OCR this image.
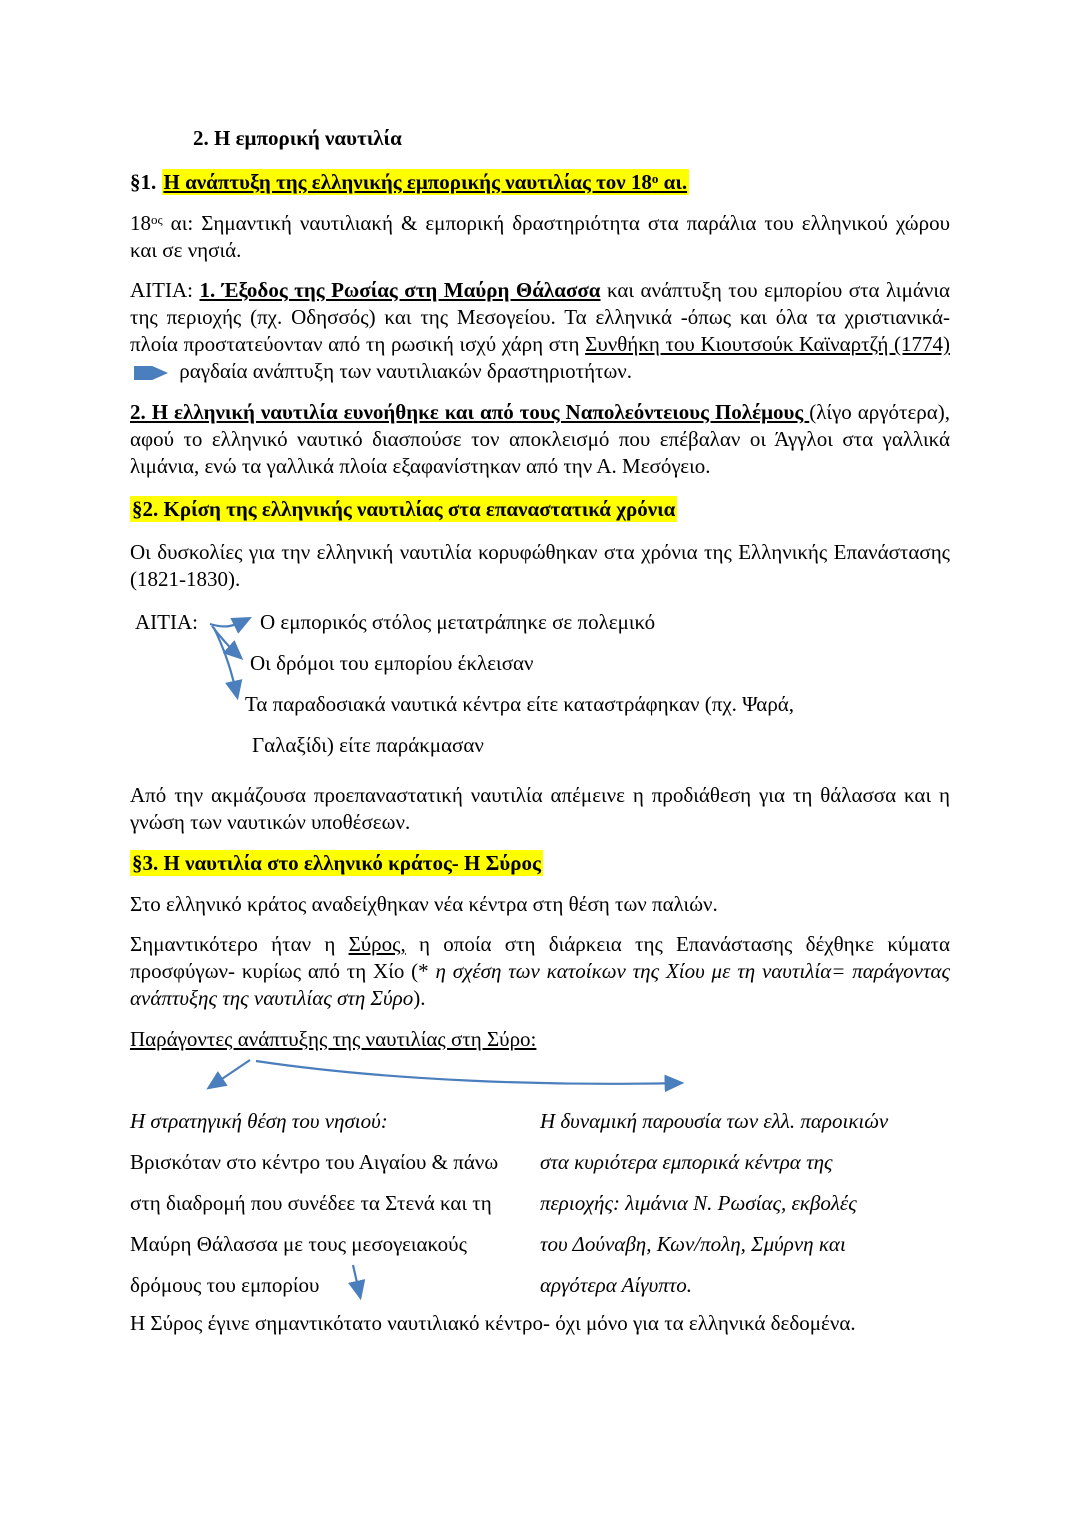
2. Η εμπορική ναυτιλία

§1. Η ανάπτυξη της ελληνικής εμπορικής ναυτιλίας τον $18^o$ αι.

$18^{o\varsigma}$ αι: Σημαντική ναυτιλιακή & εμπορική δραστηριότητα στα παράλια του ελληνικού χώρου και σε νησιά.

ΑΙΤΙΑ: 1. Έξοδος της Ρωσίας στη Μαύρη Θάλασσα και ανάπτυξη του εμπορίου στα λιμάνια της περιοχής (πχ. Οδησσός) και της Μεσογείου. Τα ελληνικά -όπως και όλα τα χριστιανικά- πλοία προστατεύονταν από τη ρωσική ισχύ χάρη στη Συνθήκη του Κιουτσούκ Καϊναρτζή (1774)  ραγδαία ανάπτυξη των ναυτιλιακών δραστηριοτήτων.

2. Η ελληνική ναυτιλία ευνοήθηκε και από τους Ναπολεόντειους Πολέμους (λίγο αργότερα), αφού το ελληνικό ναυτικό διασπούσε τον αποκλεισμό που επέβαλαν οι Άγγλοι στα γαλλικά λιμάνια, ενώ τα γαλλικά πλοία εξαφανίστηκαν από την Α. Μεσόγειο.

§2. Κρίση της ελληνικής ναυτιλίας στα επαναστατικά χρόνια

Οι δυσκολίες για την ελληνική ναυτιλία κορυφώθηκαν στα χρόνια της Ελληνικής Επανάστασης (1821-1830).

ΑΙΤΙΑ:	Ο εμπορικός στόλος μετατράπηκε σε πολεμικό
Οι δρόμοι του εμπορίου έκλεισαν
Τα παραδοσιακά ναυτικά κέντρα είτε καταστράφηκαν (πχ. Ψαρά,
Γαλαξίδι) είτε παράκμασαν

Από την ακμάζουσα προεπαναστατική ναυτιλία απέμεινε η προδιάθεση για τη θάλασσα και η γνώση των ναυτικών υποθέσεων.

§3. Η ναυτιλία στο ελληνικό κράτος- Η Σύρος

Στο ελληνικό κράτος αναδείχθηκαν νέα κέντρα στη θέση των παλιών.

Σημαντικότερο ήταν η Σύρος, η οποία στη διάρκεια της Επανάστασης δέχθηκε κύματα προσφύγων- κυρίως από τη Χίο (* η σχέση των κατοίκων της Χίου με τη ναυτιλία= παράγοντας ανάπτυξης της ναυτιλίας στη Σύρο).

Παράγοντες ανάπτυξης της ναυτιλίας στη Σύρο:

Η στρατηγική θέση του νησιού:
Βρισκόταν στο κέντρο του Αιγαίου & πάνω
στη διαδρομή που συνέδεε τα Στενά και τη
Μαύρη Θάλασσα με τους μεσογειακούς
δρόμους του εμπορίου
Η δυναμική παρουσία των ελλ. παροικιών
στα κυριότερα εμπορικά κέντρα της
περιοχής: λιμάνια Ν. Ρωσίας, εκβολές
του Δούναβη, Κων/πολη, Σμύρνη και
αργότερα Αίγυπτο.

Η Σύρος έγινε σημαντικότατο ναυτιλιακό κέντρο- όχι μόνο για τα ελληνικά δεδομένα.
